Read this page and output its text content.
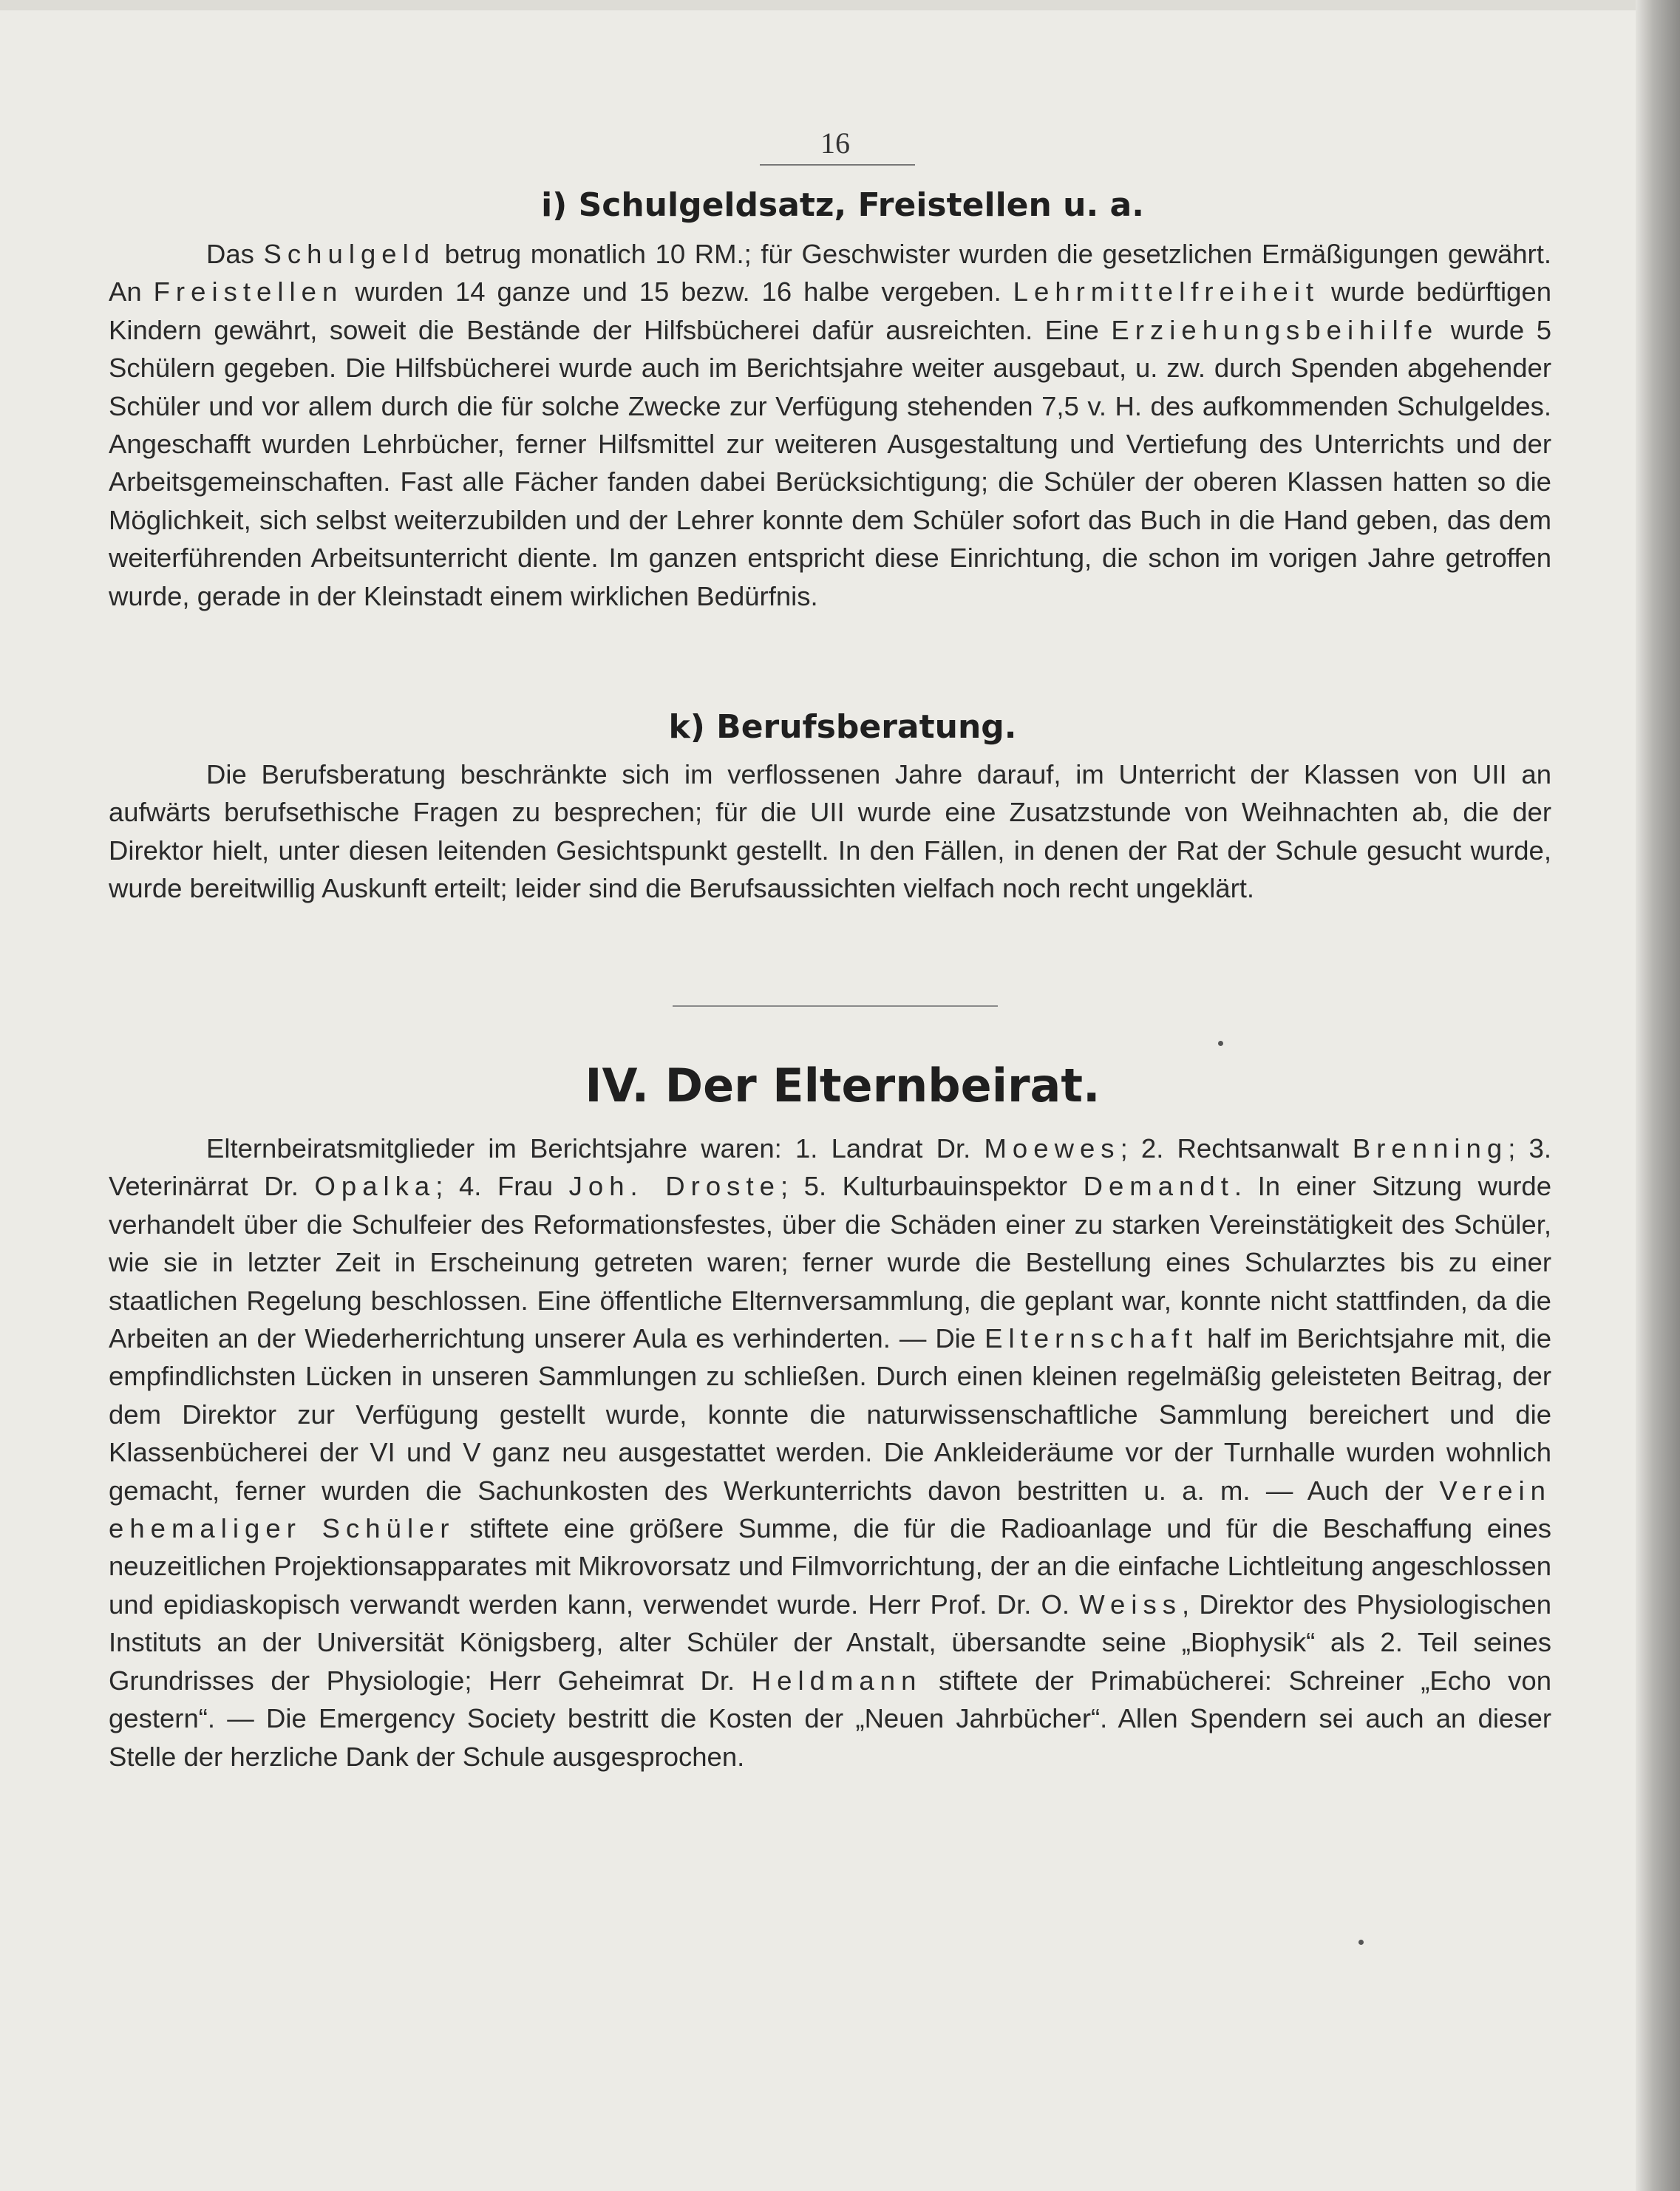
16
i) Schulgeldsatz, Freistellen u. a.

Das Schulgeld betrug monatlich 10 RM.; für Geschwister wurden die gesetzlichen Ermäßigungen gewährt. An Freistellen wurden 14 ganze und 15 bezw. 16 halbe vergeben. Lehrmittelfreiheit wurde bedürftigen Kindern gewährt, soweit die Bestände der Hilfsbücherei dafür ausreichten. Eine Erziehungsbeihilfe wurde 5 Schülern gegeben. Die Hilfsbücherei wurde auch im Berichtsjahre weiter ausgebaut, u. zw. durch Spenden abgehender Schüler und vor allem durch die für solche Zwecke zur Verfügung stehenden 7,5 v. H. des aufkommenden Schulgeldes. Angeschafft wurden Lehrbücher, ferner Hilfsmittel zur weiteren Ausgestaltung und Vertiefung des Unterrichts und der Arbeitsgemeinschaften. Fast alle Fächer fanden dabei Berücksichtigung; die Schüler der oberen Klassen hatten so die Möglichkeit, sich selbst weiterzubilden und der Lehrer konnte dem Schüler sofort das Buch in die Hand geben, das dem weiterführenden Arbeitsunterricht diente. Im ganzen entspricht diese Einrichtung, die schon im vorigen Jahre getroffen wurde, gerade in der Kleinstadt einem wirklichen Bedürfnis.

k) Berufsberatung.

Die Berufsberatung beschränkte sich im verflossenen Jahre darauf, im Unterricht der Klassen von UII an aufwärts berufsethische Fragen zu besprechen; für die UII wurde eine Zusatzstunde von Weihnachten ab, die der Direktor hielt, unter diesen leitenden Gesichtspunkt gestellt. In den Fällen, in denen der Rat der Schule gesucht wurde, wurde bereitwillig Auskunft erteilt; leider sind die Berufsaussichten vielfach noch recht ungeklärt.

IV. Der Elternbeirat.

Elternbeiratsmitglieder im Berichtsjahre waren: 1. Landrat Dr. Moewes; 2. Rechtsanwalt Brenning; 3. Veterinärrat Dr. Opalka; 4. Frau Joh. Droste; 5. Kulturbauinspektor Demandt. In einer Sitzung wurde verhandelt über die Schulfeier des Reformationsfestes, über die Schäden einer zu starken Vereinstätigkeit des Schüler, wie sie in letzter Zeit in Erscheinung getreten waren; ferner wurde die Bestellung eines Schularztes bis zu einer staatlichen Regelung beschlossen. Eine öffentliche Elternversammlung, die geplant war, konnte nicht stattfinden, da die Arbeiten an der Wiederherrichtung unserer Aula es verhinderten. — Die Elternschaft half im Berichtsjahre mit, die empfindlichsten Lücken in unseren Sammlungen zu schließen. Durch einen kleinen regelmäßig geleisteten Beitrag, der dem Direktor zur Verfügung gestellt wurde, konnte die naturwissenschaftliche Sammlung bereichert und die Klassenbücherei der VI und V ganz neu ausgestattet werden. Die Ankleideräume vor der Turnhalle wurden wohnlich gemacht, ferner wurden die Sachunkosten des Werkunterrichts davon bestritten u. a. m. — Auch der Verein ehemaliger Schüler stiftete eine größere Summe, die für die Radioanlage und für die Beschaffung eines neuzeitlichen Projektionsapparates mit Mikrovorsatz und Filmvorrichtung, der an die einfache Lichtleitung angeschlossen und epidiaskopisch verwandt werden kann, verwendet wurde. Herr Prof. Dr. O. Weiss, Direktor des Physiologischen Instituts an der Universität Königsberg, alter Schüler der Anstalt, übersandte seine „Biophysik“ als 2. Teil seines Grundrisses der Physiologie; Herr Geheimrat Dr. Heldmann stiftete der Primabücherei: Schreiner „Echo von gestern“. — Die Emergency Society bestritt die Kosten der „Neuen Jahrbücher“. Allen Spendern sei auch an dieser Stelle der herzliche Dank der Schule ausgesprochen.
